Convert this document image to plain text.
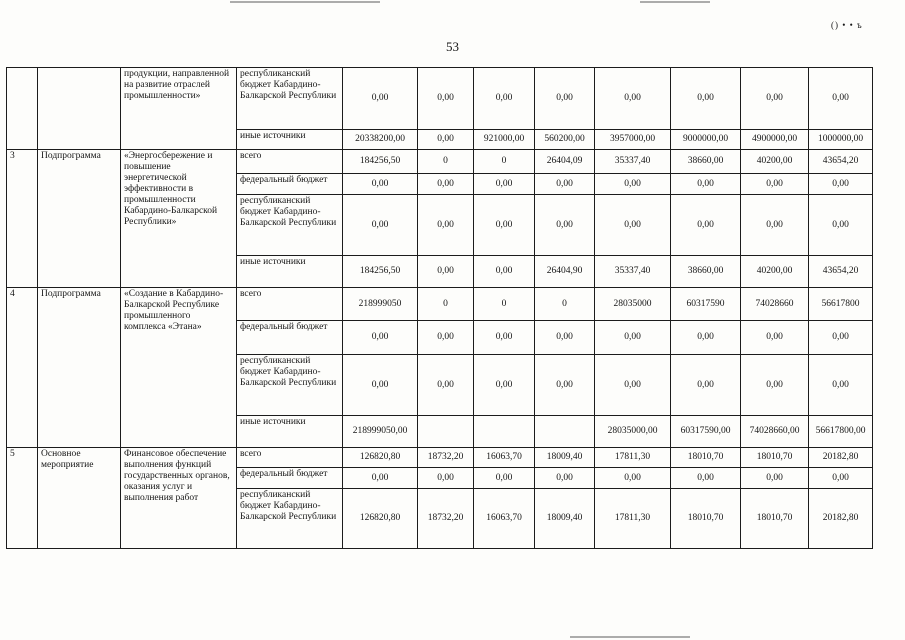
() • • ъ
53
		продукции, направленной на развитие отраслей промышленности»	республиканский бюджет Кабардино-Балкарской Республики	0,00	0,00	0,00	0,00	0,00	0,00	0,00	0,00
			иные источники	20338200,00	0,00	921000,00	560200,00	3957000,00	9000000,00	4900000,00	1000000,00
3	Подпрограмма	«Энергосбережение и повышение энергетической эффективности в промышленности Кабардино-Балкарской Республики»	всего	184256,50	0	0	26404,09	35337,40	38660,00	40200,00	43654,20
			федеральный бюджет	0,00	0,00	0,00	0,00	0,00	0,00	0,00	0,00
			республиканский бюджет Кабардино-Балкарской Республики	0,00	0,00	0,00	0,00	0,00	0,00	0,00	0,00
			иные источники	184256,50	0,00	0,00	26404,90	35337,40	38660,00	40200,00	43654,20
4	Подпрограмма	«Создание в Кабардино-Балкарской Республике промышленного комплекса «Этана»	всего	218999050	0	0	0	28035000	60317590	74028660	56617800
			федеральный бюджет	0,00	0,00	0,00	0,00	0,00	0,00	0,00	0,00
			республиканский бюджет Кабардино-Балкарской Республики	0,00	0,00	0,00	0,00	0,00	0,00	0,00	0,00
			иные источники	218999050,00				28035000,00	60317590,00	74028660,00	56617800,00
5	Основное мероприятие	Финансовое обеспечение выполнения функций государственных органов, оказания услуг и выполнения работ	всего	126820,80	18732,20	16063,70	18009,40	17811,30	18010,70	18010,70	20182,80
			федеральный бюджет	0,00	0,00	0,00	0,00	0,00	0,00	0,00	0,00
			республиканский бюджет Кабардино-Балкарской Республики	126820,80	18732,20	16063,70	18009,40	17811,30	18010,70	18010,70	20182,80
